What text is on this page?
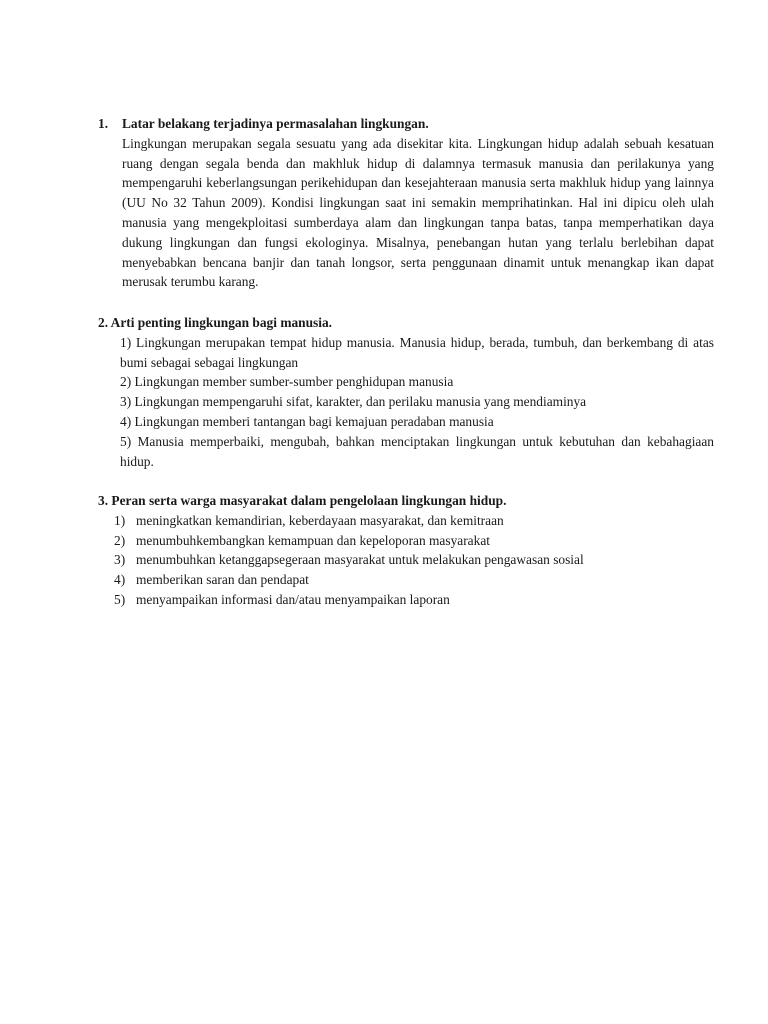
1. Latar belakang terjadinya permasalahan lingkungan.
Lingkungan merupakan segala sesuatu yang ada disekitar kita. Lingkungan hidup adalah sebuah kesatuan ruang dengan segala benda dan makhluk hidup di dalamnya termasuk manusia dan perilakunya yang mempengaruhi keberlangsungan perikehidupan dan kesejahteraan manusia serta makhluk hidup yang lainnya (UU No 32 Tahun 2009). Kondisi lingkungan saat ini semakin memprihatinkan. Hal ini dipicu oleh ulah manusia yang mengekploitasi sumberdaya alam dan lingkungan tanpa batas, tanpa memperhatikan daya dukung lingkungan dan fungsi ekologinya. Misalnya, penebangan hutan yang terlalu berlebihan dapat menyebabkan bencana banjir dan tanah longsor, serta penggunaan dinamit untuk menangkap ikan dapat merusak terumbu karang.
2. Arti penting lingkungan bagi manusia.
1) Lingkungan merupakan tempat hidup manusia. Manusia hidup, berada, tumbuh, dan berkembang di atas bumi sebagai sebagai lingkungan
2) Lingkungan member sumber-sumber penghidupan manusia
3) Lingkungan mempengaruhi sifat, karakter, dan perilaku manusia yang mendiaminya
4) Lingkungan memberi tantangan bagi kemajuan peradaban manusia
5) Manusia memperbaiki, mengubah, bahkan menciptakan lingkungan untuk kebutuhan dan kebahagiaan hidup.
3. Peran serta warga masyarakat dalam pengelolaan lingkungan hidup.
1) meningkatkan kemandirian, keberdayaan masyarakat, dan kemitraan
2) menumbuhkembangkan kemampuan dan kepeloporan masyarakat
3) menumbuhkan ketanggapsegeraan masyarakat untuk melakukan pengawasan sosial
4) memberikan saran dan pendapat
5) menyampaikan informasi dan/atau menyampaikan laporan
